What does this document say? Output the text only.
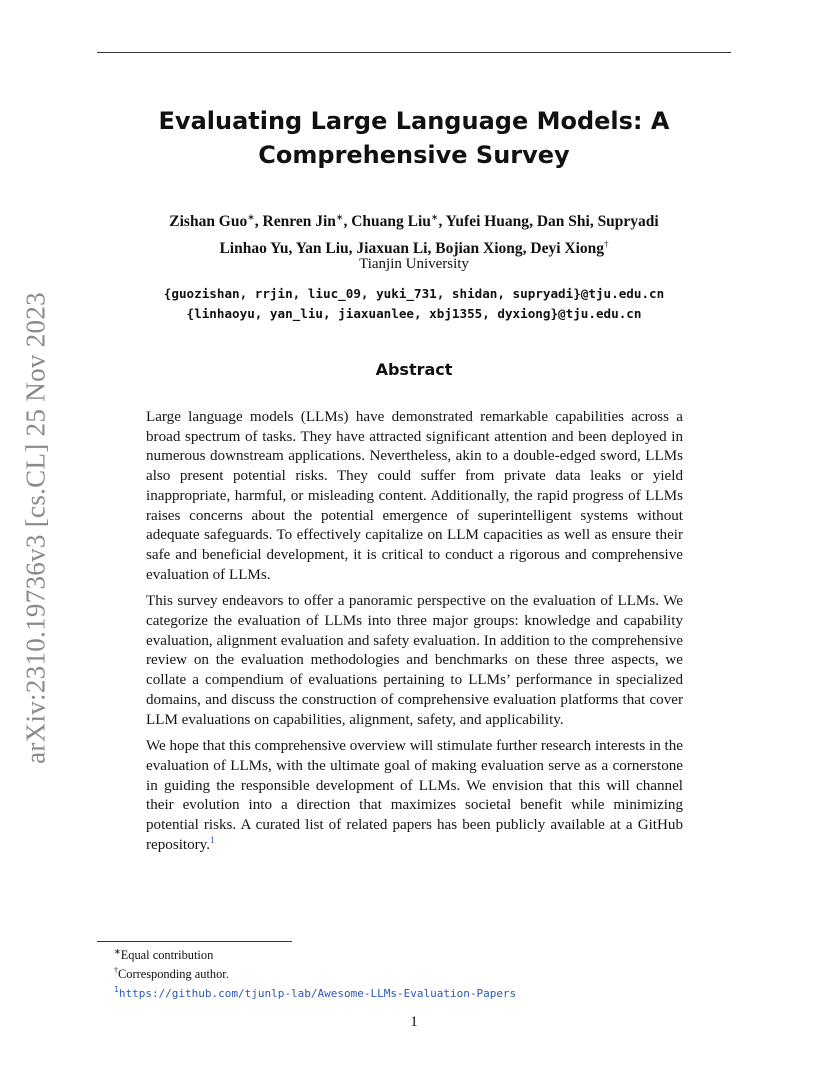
arXiv:2310.19736v3 [cs.CL] 25 Nov 2023
Evaluating Large Language Models: A
Comprehensive Survey
Zishan Guo∗, Renren Jin∗, Chuang Liu∗, Yufei Huang, Dan Shi, Supryadi
Linhao Yu, Yan Liu, Jiaxuan Li, Bojian Xiong, Deyi Xiong†
Tianjin University
{guozishan, rrjin, liuc_09, yuki_731, shidan, supryadi}@tju.edu.cn
{linhaoyu, yan_liu, jiaxuanlee, xbj1355, dyxiong}@tju.edu.cn
Abstract

Large language models (LLMs) have demonstrated remarkable capabilities across a broad spectrum of tasks. They have attracted significant attention and been deployed in numerous downstream applications. Nevertheless, akin to a double-edged sword, LLMs also present potential risks. They could suffer from private data leaks or yield inappropriate, harmful, or misleading content. Additionally, the rapid progress of LLMs raises concerns about the potential emergence of superintelligent systems without adequate safeguards. To effectively capitalize on LLM capacities as well as ensure their safe and beneficial development, it is critical to conduct a rigorous and comprehensive evaluation of LLMs.

This survey endeavors to offer a panoramic perspective on the evaluation of LLMs. We categorize the evaluation of LLMs into three major groups: knowledge and capability evaluation, alignment evaluation and safety evaluation. In addition to the comprehensive review on the evaluation methodologies and benchmarks on these three aspects, we collate a compendium of evaluations pertaining to LLMs’ performance in specialized domains, and discuss the construction of comprehensive evaluation platforms that cover LLM evaluations on capabilities, alignment, safety, and applicability.

We hope that this comprehensive overview will stimulate further research interests in the evaluation of LLMs, with the ultimate goal of making evaluation serve as a cornerstone in guiding the responsible development of LLMs. We envision that this will channel their evolution into a direction that maximizes societal benefit while minimizing potential risks. A curated list of related papers has been publicly available at a GitHub repository.$^1$

∗Equal contribution
†Corresponding author.
$^1$https://github.com/tjunlp-lab/Awesome-LLMs-Evaluation-Papers
1
